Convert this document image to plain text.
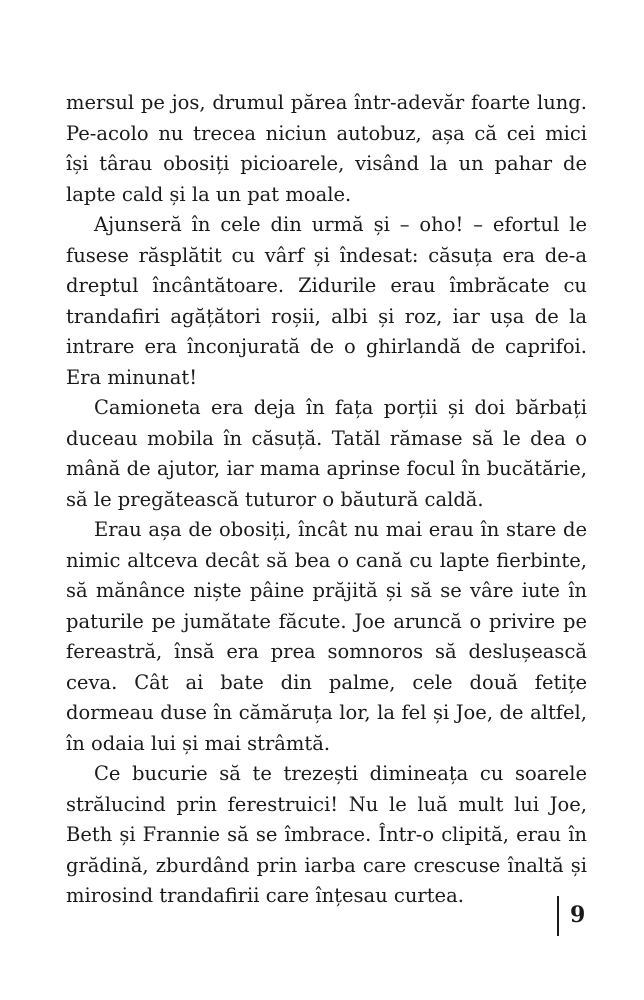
mersul pe jos, drumul părea într-adevăr foarte lung. Pe-acolo nu trecea niciun autobuz, așa că cei mici își târau obosiți picioarele, visând la un pahar de lapte cald și la un pat moale.

Ajunseră în cele din urmă și – oho! – efortul le fusese răsplătit cu vârf și îndesat: căsuța era de-a dreptul încântătoare. Zidurile erau îmbrăcate cu trandafiri agățători roșii, albi și roz, iar ușa de la intrare era înconjurată de o ghirlandă de caprifoi. Era minunat!

Camioneta era deja în fața porții și doi bărbați duceau mobila în căsuță. Tatăl rămase să le dea o mână de ajutor, iar mama aprinse focul în bucătărie, să le pregătească tuturor o băutură caldă.

Erau așa de obosiți, încât nu mai erau în stare de nimic altceva decât să bea o cană cu lapte fierbinte, să mănânce niște pâine prăjită și să se vâre iute în paturile pe jumătate făcute. Joe aruncă o privire pe fereastră, însă era prea somnoros să deslușească ceva. Cât ai bate din palme, cele două fetițe dormeau duse în cămăruța lor, la fel și Joe, de altfel, în odaia lui și mai strâmtă.

Ce bucurie să te trezești dimineața cu soarele strălucind prin ferestruici! Nu le luă mult lui Joe, Beth și Frannie să se îmbrace. Într-o clipită, erau în grădină, zburdând prin iarba care crescuse înaltă și mirosind trandafirii care înțesau curtea.

9
